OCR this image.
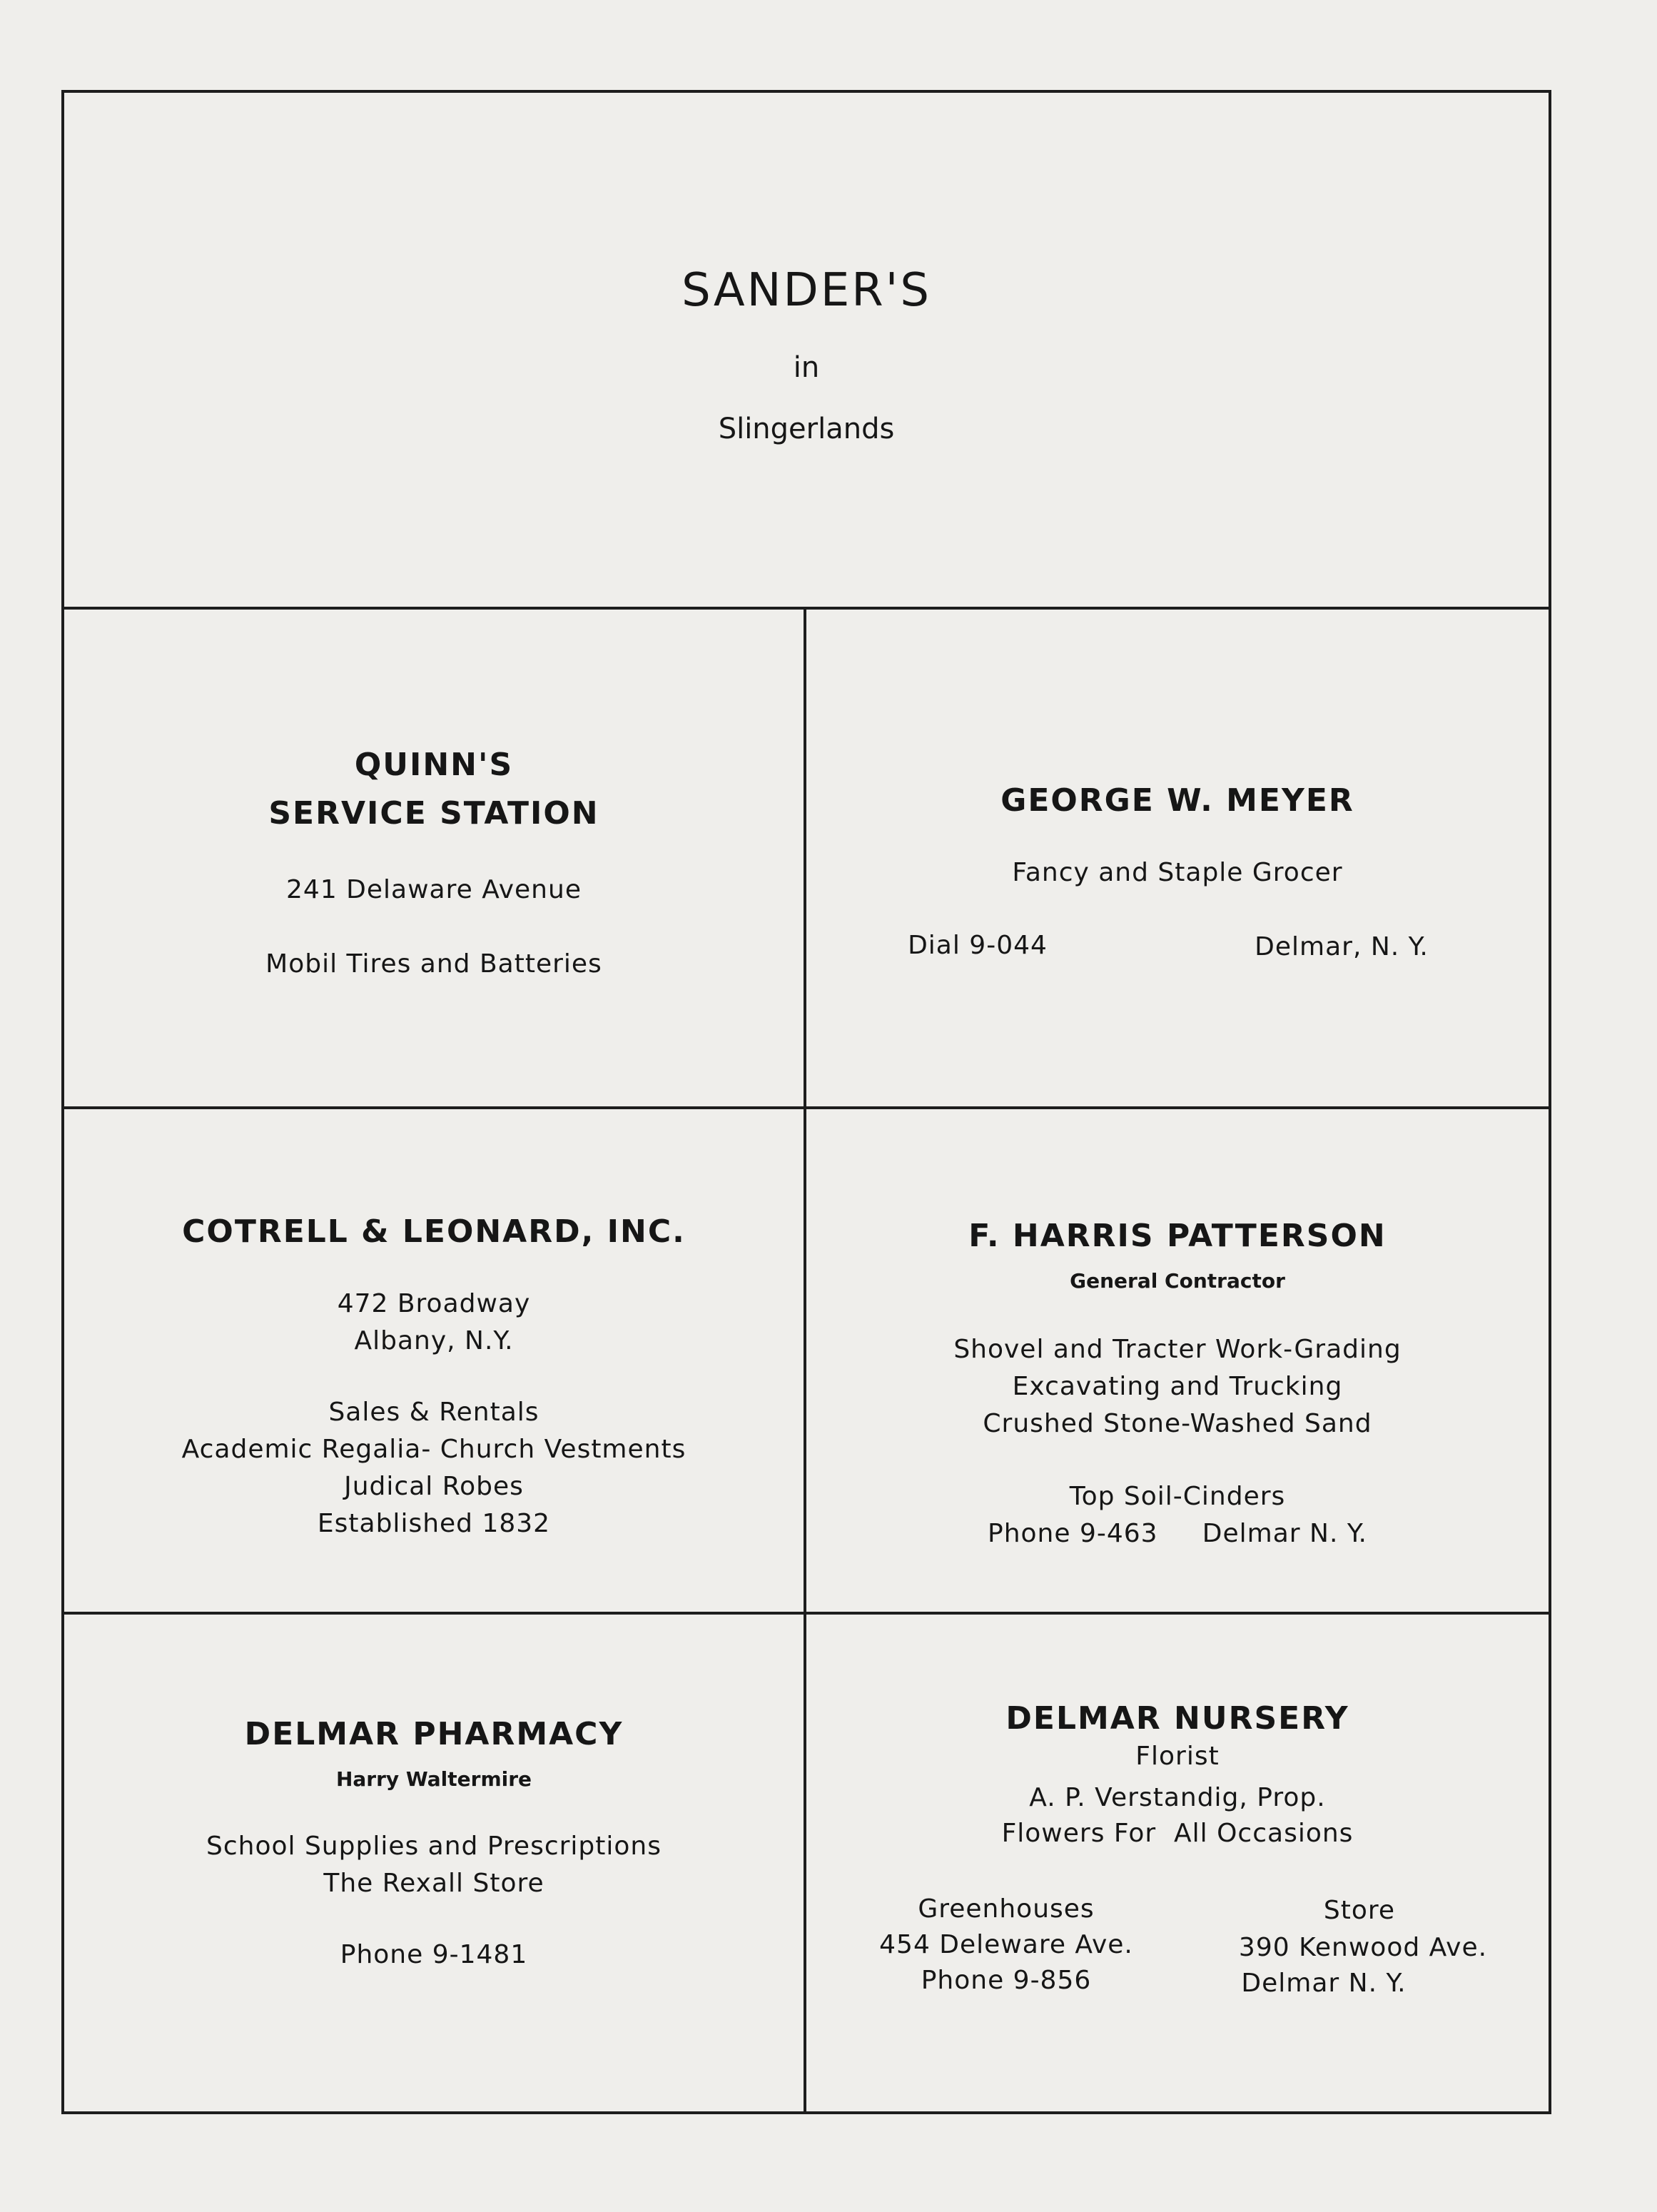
SANDER'S
in
Slingerlands
QUINN'S
SERVICE STATION
241 Delaware Avenue
Mobil Tires and Batteries
GEORGE W. MEYER
Fancy and Staple Grocer
Dial 9-044	Delmar, N. Y.
COTRELL & LEONARD, INC.
472 Broadway
Albany, N.Y.
Sales & Rentals
Academic Regalia- Church Vestments
Judical Robes
Established 1832
F. HARRIS PATTERSON
General Contractor
Shovel and Tracter Work-Grading
Excavating and Trucking
Crushed Stone-Washed Sand
Top Soil-Cinders
Phone 9-463     Delmar N. Y.
DELMAR PHARMACY
Harry Waltermire
School Supplies and Prescriptions
The Rexall Store
Phone 9-1481
DELMAR NURSERY
Florist
A. P. Verstandig, Prop.
Flowers For  All Occasions
Greenhouses
454 Deleware Ave.
Phone 9-856
Store
390 Kenwood Ave.
Delmar N. Y.
